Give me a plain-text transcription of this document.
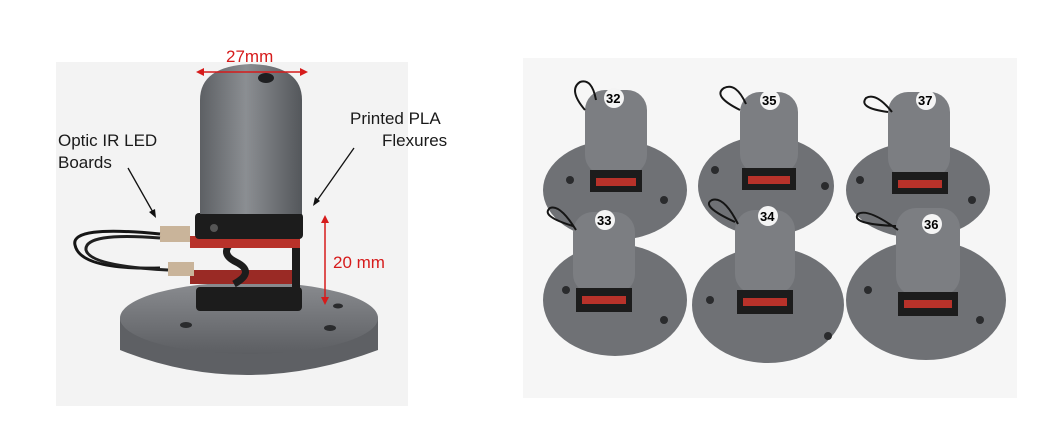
32	35	37
33	34
36
27mm
20 mm
Optic IR LED
Boards
Printed PLA
Flexures
